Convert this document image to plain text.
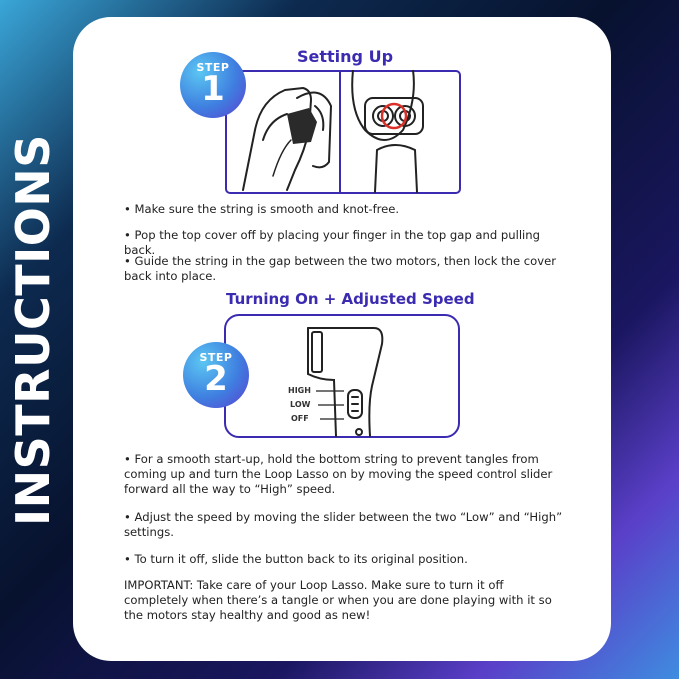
INSTRUCTIONS
Setting Up
STEP
1
• Make sure the string is smooth and knot-free.
• Pop the top cover off by placing your finger in the top gap and pulling back.
• Guide the string in the gap between the two motors, then lock the cover back into place.
Turning On + Adjusted Speed
HIGH
LOW
OFF
STEP
2
• For a smooth start-up, hold the bottom string to prevent tangles from coming up and turn the Loop Lasso on by moving the speed control slider forward all the way to “High” speed.
• Adjust the speed by moving the slider between the two “Low” and “High” settings.
• To turn it off, slide the button back to its original position.
IMPORTANT: Take care of your Loop Lasso. Make sure to turn it off completely when there’s a tangle or when you are done playing with it so the motors stay healthy and good as new!
